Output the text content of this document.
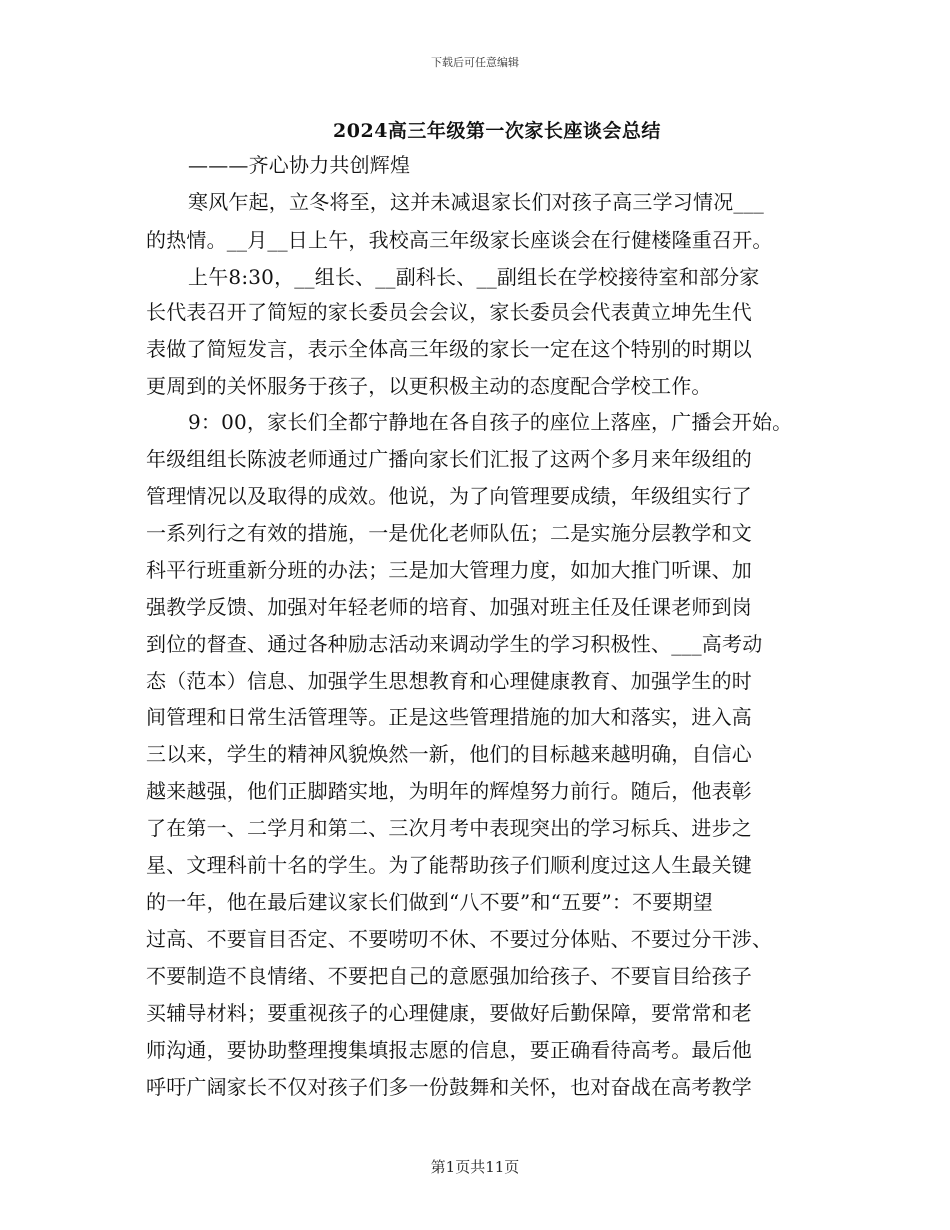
下载后可任意编辑
2024高三年级第一次家长座谈会总结
———齐心协力共创辉煌
寒风乍起，立冬将至，这并未减退家长们对孩子高三学习情况___
的热情。__月__日上午，我校高三年级家长座谈会在行健楼隆重召开。
上午8:30，__组长、__副科长、__副组长在学校接待室和部分家
长代表召开了简短的家长委员会会议，家长委员会代表黄立坤先生代
表做了简短发言，表示全体高三年级的家长一定在这个特别的时期以
更周到的关怀服务于孩子，以更积极主动的态度配合学校工作。
9：00，家长们全都宁静地在各自孩子的座位上落座，广播会开始。
年级组组长陈波老师通过广播向家长们汇报了这两个多月来年级组的
管理情况以及取得的成效。他说，为了向管理要成绩，年级组实行了
一系列行之有效的措施，一是优化老师队伍；二是实施分层教学和文
科平行班重新分班的办法；三是加大管理力度，如加大推门听课、加
强教学反馈、加强对年轻老师的培育、加强对班主任及任课老师到岗
到位的督查、通过各种励志活动来调动学生的学习积极性、___高考动
态（范本）信息、加强学生思想教育和心理健康教育、加强学生的时
间管理和日常生活管理等。正是这些管理措施的加大和落实，进入高
三以来，学生的精神风貌焕然一新，他们的目标越来越明确，自信心
越来越强，他们正脚踏实地，为明年的辉煌努力前行。随后，他表彰
了在第一、二学月和第二、三次月考中表现突出的学习标兵、进步之
星、文理科前十名的学生。为了能帮助孩子们顺利度过这人生最关键
的一年，他在最后建议家长们做到“八不要”和“五要”：不要期望
过高、不要盲目否定、不要唠叨不休、不要过分体贴、不要过分干涉、
不要制造不良情绪、不要把自己的意愿强加给孩子、不要盲目给孩子
买辅导材料；要重视孩子的心理健康，要做好后勤保障，要常常和老
师沟通，要协助整理搜集填报志愿的信息，要正确看待高考。最后他
呼吁广阔家长不仅对孩子们多一份鼓舞和关怀，也对奋战在高考教学
第1页共11页
